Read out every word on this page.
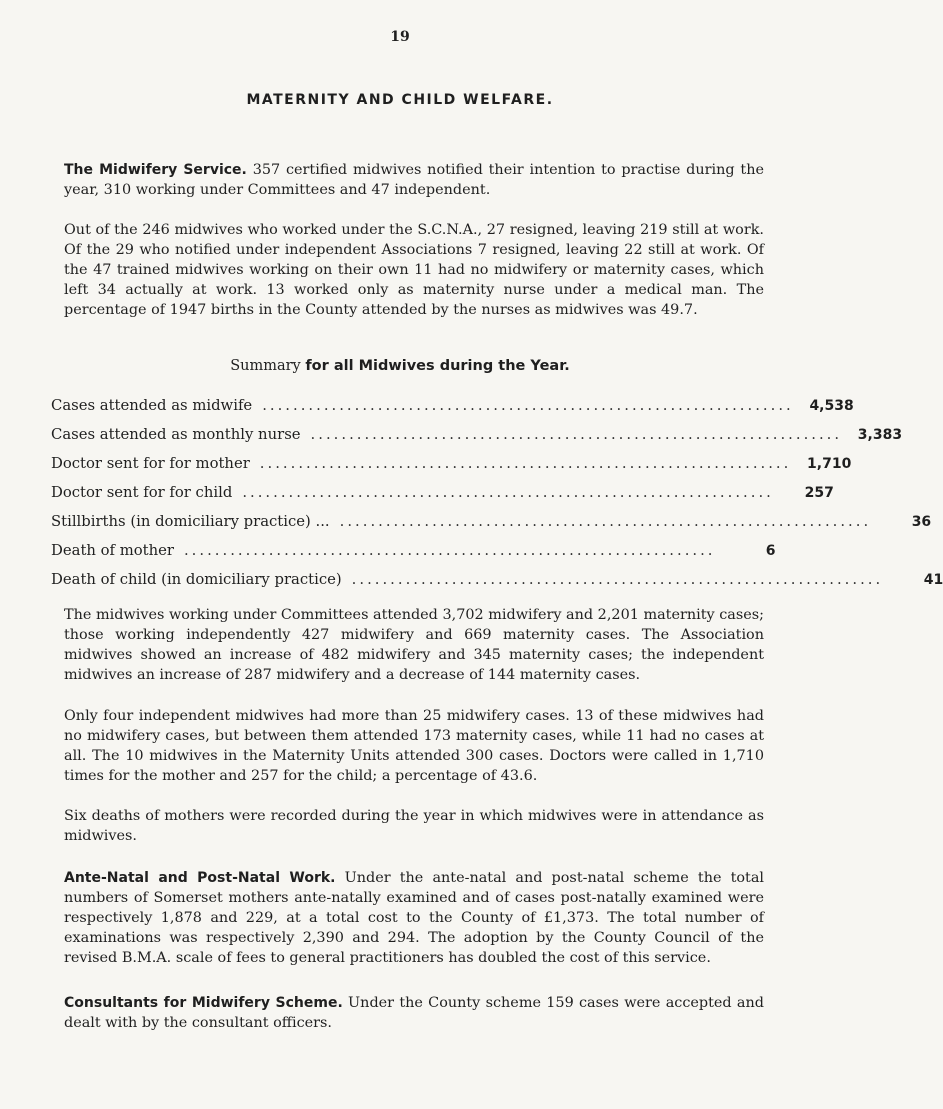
19
MATERNITY AND CHILD WELFARE.

The Midwifery Service. 357 certified midwives notified their intention to practise during the year, 310 working under Committees and 47 independent.

Out of the 246 midwives who worked under the S.C.N.A., 27 resigned, leaving 219 still at work. Of the 29 who notified under independent Associations 7 resigned, leaving 22 still at work. Of the 47 trained midwives working on their own 11 had no midwifery or maternity cases, which left 34 actually at work. 13 worked only as maternity nurse under a medical man. The percentage of 1947 births in the County attended by the nurses as midwives was 49.7.

Summary for all Midwives during the Year.
Cases attended as midwife .....................................................................	4,538
Cases attended as monthly nurse .....................................................................	3,383
Doctor sent for for mother .....................................................................	1,710
Doctor sent for for child .....................................................................	257
Stillbirths (in domiciliary practice) ... .....................................................................	36
Death of mother .....................................................................	6
Death of child (in domiciliary practice) .....................................................................	41

The midwives working under Committees attended 3,702 midwifery and 2,201 maternity cases; those working independently 427 midwifery and 669 maternity cases. The Association midwives showed an increase of 482 midwifery and 345 maternity cases; the independent midwives an increase of 287 midwifery and a decrease of 144 maternity cases.

Only four independent midwives had more than 25 midwifery cases. 13 of these midwives had no midwifery cases, but between them attended 173 maternity cases, while 11 had no cases at all. The 10 midwives in the Maternity Units attended 300 cases. Doctors were called in 1,710 times for the mother and 257 for the child; a percentage of 43.6.

Six deaths of mothers were recorded during the year in which midwives were in attendance as midwives.

Ante-Natal and Post-Natal Work. Under the ante-natal and post-natal scheme the total numbers of Somerset mothers ante-natally examined and of cases post-natally examined were respectively 1,878 and 229, at a total cost to the County of £1,373. The total number of examinations was respectively 2,390 and 294. The adoption by the County Council of the revised B.M.A. scale of fees to general practitioners has doubled the cost of this service.

Consultants for Midwifery Scheme. Under the County scheme 159 cases were accepted and dealt with by the consultant officers.
